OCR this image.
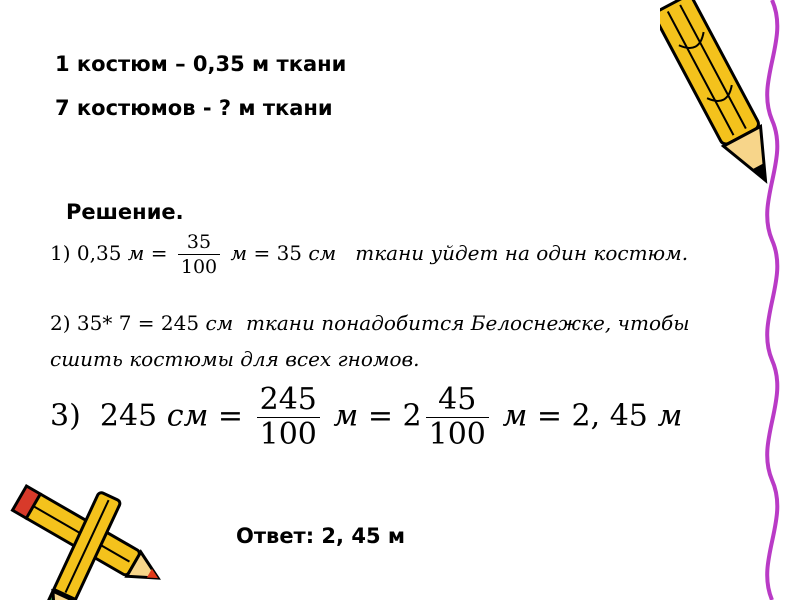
1 костюм – 0,35 м ткани
7 костюмов - ? м ткани
Решение.
1) 0,35 $м = \frac{35}{100}$ м = 35 см ткани уйдет на один костюм.
2) 35* 7 = 245 см ткани понадобится Белоснежке, чтобы
сшить костюмы для всех гномов.
3) 245 см = $\frac{245}{100}$ $м = 2 \frac{45}{100}$ м = 2, 45 м
Ответ: 2, 45 м
